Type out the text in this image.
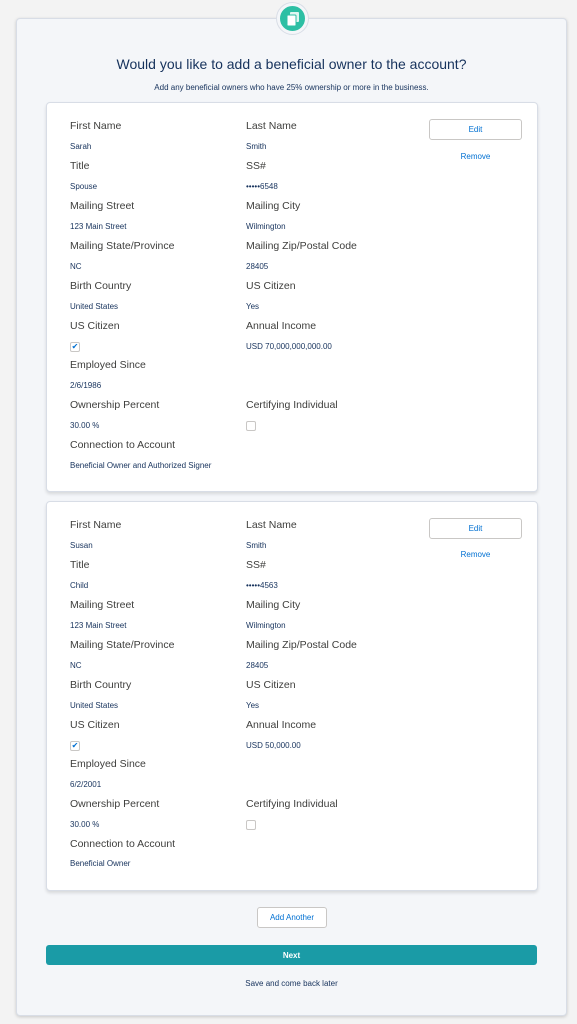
Would you like to add a beneficial owner to the account?
Add any beneficial owners who have 25% ownership or more in the business.
First Name
Sarah
Last Name
Smith
Title
Spouse
SS#
•••••6548
Mailing Street
123 Main Street
Mailing City
Wilmington
Mailing State/Province
NC
Mailing Zip/Postal Code
28405
Birth Country
United States
US Citizen
Yes
US Citizen
✔
Annual Income
USD 70,000,000,000.00
Employed Since
2/6/1986
Ownership Percent
30.00 %
Certifying Individual
Connection to Account
Beneficial Owner and Authorized Signer
Edit
Remove
First Name
Susan
Last Name
Smith
Title
Child
SS#
•••••4563
Mailing Street
123 Main Street
Mailing City
Wilmington
Mailing State/Province
NC
Mailing Zip/Postal Code
28405
Birth Country
United States
US Citizen
Yes
US Citizen
✔
Annual Income
USD 50,000.00
Employed Since
6/2/2001
Ownership Percent
30.00 %
Certifying Individual
Connection to Account
Beneficial Owner
Edit
Remove
Add Another
Next
Save and come back later
